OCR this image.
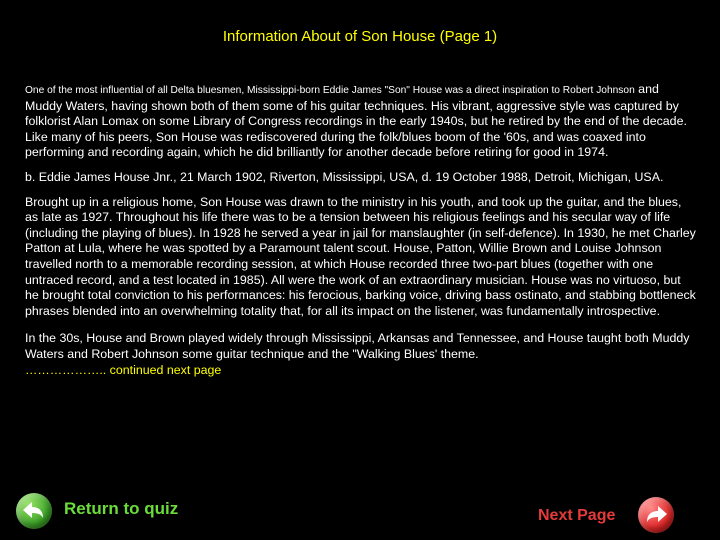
Information About of Son House (Page 1)

One of the most influential of all Delta bluesmen, Mississippi-born Eddie James "Son" House was a direct inspiration to Robert Johnson and Muddy Waters, having shown both of them some of his guitar techniques. His vibrant, aggressive style was captured by folklorist Alan Lomax on some Library of Congress recordings in the early 1940s, but he retired by the end of the decade. Like many of his peers, Son House was rediscovered during the folk/blues boom of the '60s, and was coaxed into performing and recording again, which he did brilliantly for another decade before retiring for good in 1974.

b. Eddie James House Jnr., 21 March 1902, Riverton, Mississippi, USA, d. 19 October 1988, Detroit, Michigan, USA.

Brought up in a religious home, Son House was drawn to the ministry in his youth, and took up the guitar, and the blues, as late as 1927. Throughout his life there was to be a tension between his religious feelings and his secular way of life (including the playing of blues). In 1928 he served a year in jail for manslaughter (in self-defence). In 1930, he met Charley Patton at Lula, where he was spotted by a Paramount talent scout. House, Patton, Willie Brown and Louise Johnson travelled north to a memorable recording session, at which House recorded three two-part blues (together with one untraced record, and a test located in 1985). All were the work of an extraordinary musician. House was no virtuoso, but he brought total conviction to his performances: his ferocious, barking voice, driving bass ostinato, and stabbing bottleneck phrases blended into an overwhelming totality that, for all its impact on the listener, was fundamentally introspective.

In the 30s, House and Brown played widely through Mississippi, Arkansas and Tennessee, and House taught both Muddy Waters and Robert Johnson some guitar technique and the "Walking Blues' theme.
……………….. continued next page

Return to quiz	Next Page
